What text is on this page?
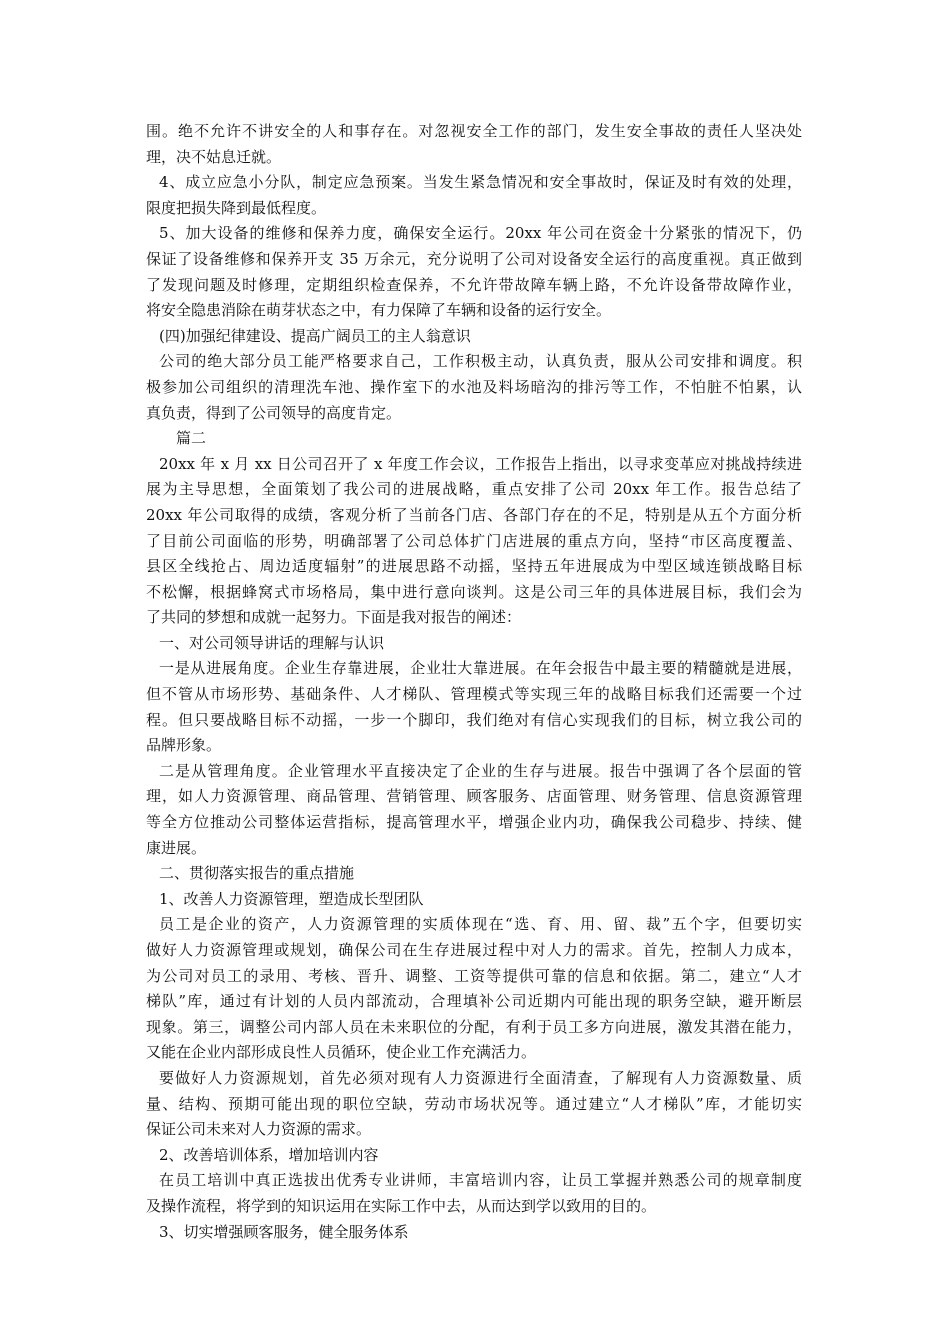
围。绝不允许不讲安全的人和事存在。对忽视安全工作的部门，发生安全事故的责任人坚决处
理，决不姑息迁就。
4、成立应急小分队，制定应急预案。当发生紧急情况和安全事故时，保证及时有效的处理，
限度把损失降到最低程度。
5、加大设备的维修和保养力度，确保安全运行。20xx 年公司在资金十分紧张的情况下，仍
保证了设备维修和保养开支 35 万余元，充分说明了公司对设备安全运行的高度重视。真正做到
了发现问题及时修理，定期组织检查保养，不允许带故障车辆上路，不允许设备带故障作业，
将安全隐患消除在萌芽状态之中，有力保障了车辆和设备的运行安全。
(四)加强纪律建设、提高广阔员工的主人翁意识
公司的绝大部分员工能严格要求自己，工作积极主动，认真负责，服从公司安排和调度。积
极参加公司组织的清理洗车池、操作室下的水池及料场暗沟的排污等工作，不怕脏不怕累，认
真负责，得到了公司领导的高度肯定。
篇二
20xx 年 x 月 xx 日公司召开了 x 年度工作会议，工作报告上指出，以寻求变革应对挑战持续进
展为主导思想，全面策划了我公司的进展战略，重点安排了公司 20xx 年工作。报告总结了
20xx 年公司取得的成绩，客观分析了当前各门店、各部门存在的不足，特别是从五个方面分析
了目前公司面临的形势，明确部署了公司总体扩门店进展的重点方向，坚持“市区高度覆盖、
县区全线抢占、周边适度辐射”的进展思路不动摇，坚持五年进展成为中型区域连锁战略目标
不松懈，根据蜂窝式市场格局，集中进行意向谈判。这是公司三年的具体进展目标，我们会为
了共同的梦想和成就一起努力。下面是我对报告的阐述：
一、对公司领导讲话的理解与认识
一是从进展角度。企业生存靠进展，企业壮大靠进展。在年会报告中最主要的精髓就是进展，
但不管从市场形势、基础条件、人才梯队、管理模式等实现三年的战略目标我们还需要一个过
程。但只要战略目标不动摇，一步一个脚印，我们绝对有信心实现我们的目标，树立我公司的
品牌形象。
二是从管理角度。企业管理水平直接决定了企业的生存与进展。报告中强调了各个层面的管
理，如人力资源管理、商品管理、营销管理、顾客服务、店面管理、财务管理、信息资源管理
等全方位推动公司整体运营指标，提高管理水平，增强企业内功，确保我公司稳步、持续、健
康进展。
二、贯彻落实报告的重点措施
1、改善人力资源管理，塑造成长型团队
员工是企业的资产，人力资源管理的实质体现在“选、育、用、留、裁”五个字，但要切实
做好人力资源管理或规划，确保公司在生存进展过程中对人力的需求。首先，控制人力成本，
为公司对员工的录用、考核、晋升、调整、工资等提供可靠的信息和依据。第二，建立“人才
梯队”库，通过有计划的人员内部流动，合理填补公司近期内可能出现的职务空缺，避开断层
现象。第三，调整公司内部人员在未来职位的分配，有利于员工多方向进展，激发其潜在能力，
又能在企业内部形成良性人员循环，使企业工作充满活力。
要做好人力资源规划，首先必须对现有人力资源进行全面清查，了解现有人力资源数量、质
量、结构、预期可能出现的职位空缺，劳动市场状况等。通过建立“人才梯队”库，才能切实
保证公司未来对人力资源的需求。
2、改善培训体系，增加培训内容
在员工培训中真正选拔出优秀专业讲师，丰富培训内容，让员工掌握并熟悉公司的规章制度
及操作流程，将学到的知识运用在实际工作中去，从而达到学以致用的目的。
3、切实增强顾客服务，健全服务体系
